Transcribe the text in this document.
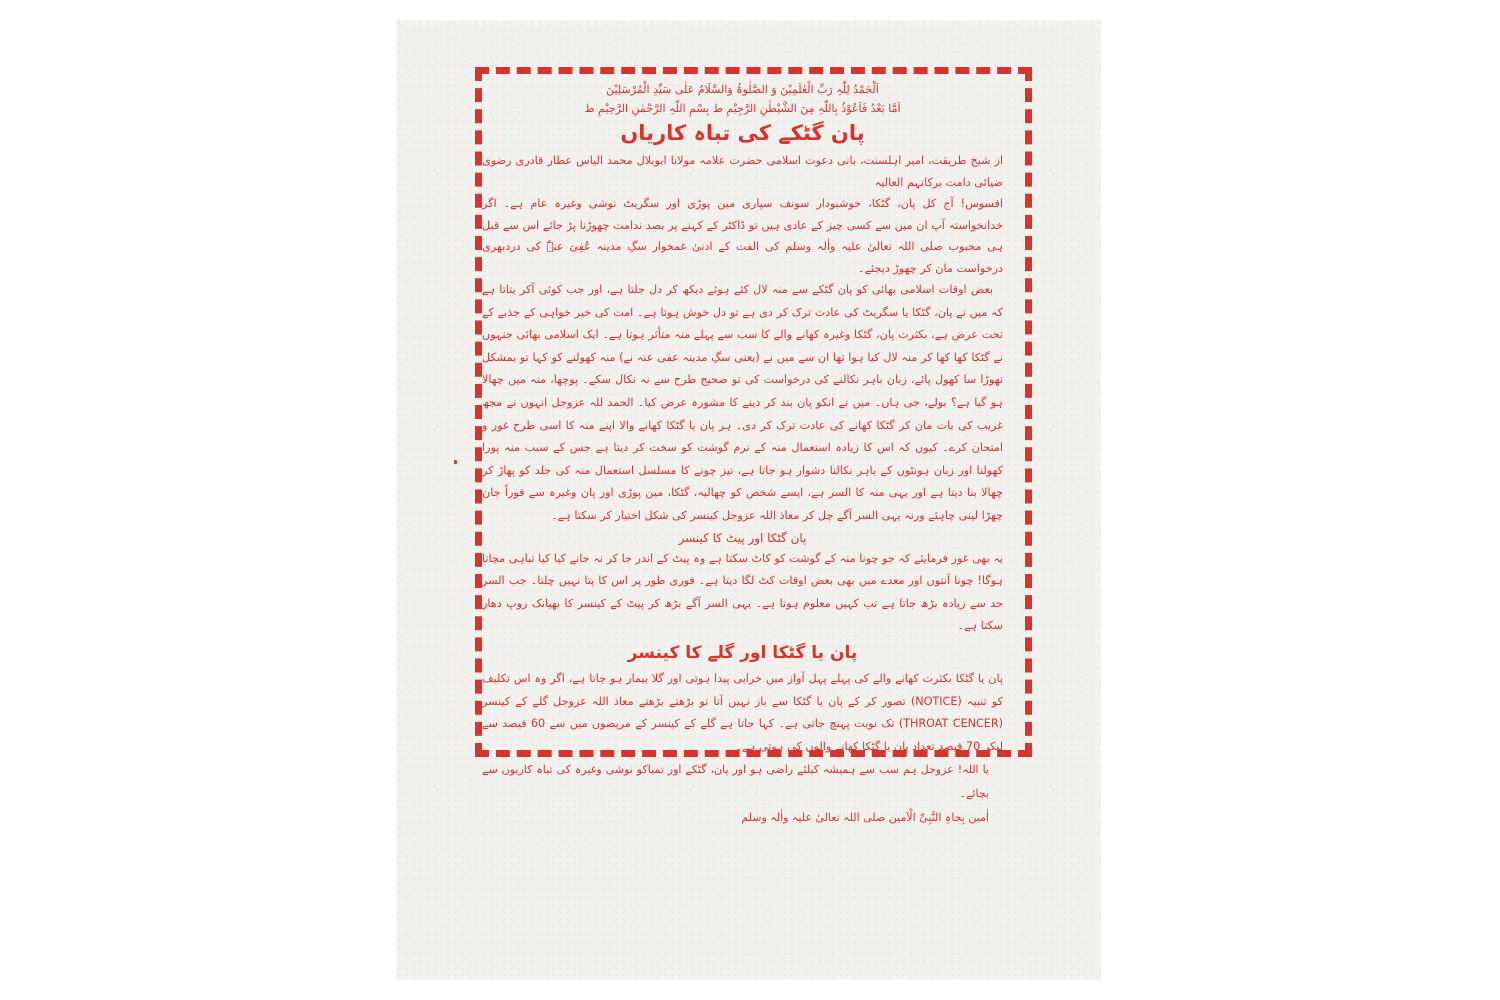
اَلْحَمْدُ لِلّٰہِ رَبِّ الْعٰلَمِیْنَ وَ الصَّلٰوۃُ وَالسَّلَامُ عَلٰی سَیِّدِ الْمُرْسَلِیْنَ

اَمَّا بَعْدُ فَاَعُوْذُ بِاللّٰہِ مِنَ الشَّیْطٰنِ الرَّجِیْمِ ط بِسْمِ اللّٰہِ الرَّحْمٰنِ الرَّحِیْمِ ط

پان گٹکے کی تباہ کاریاں

از شیخ طریقت، امیر اہلسنت، بانی دعوت اسلامی حضرت علامہ مولانا ابوبلال محمد الیاس عطار قادری رضوی ضیائی دامت برکاتہم العالیہ

افسوس! آج کل پان، گٹکا، خوشبودار سونف سپاری مین پوڑی اور سگریٹ نوشی وغیرہ عام ہے۔ اگر خدانخواستہ آپ ان میں سے کسی چیز کے عادی ہیں تو ڈاکٹر کے کہنے پر بصد ندامت چھوڑنا پڑ جائے اس سے قبل ہی محبوب صلی اللہ تعالیٰ علیہ واٰلہ وسلم کی الفت کے ادنیٰ غمخوار سگِ مدینہ عُفِیَ عنہٗ کی دردبھری درخواست مان کر چھوڑ دیجئے۔

بعض اوقات اسلامی بھائی کو پان گٹکے سے منہ لال کئے ہوئے دیکھ کر دل جلتا ہے، اور جب کوئی آکر بتاتا ہے کہ میں نے پان، گٹکا یا سگریٹ کی عادت ترک کر دی ہے تو دل خوش ہوتا ہے۔ امت کی خیر خواہی کے جذبے کے تحت عرض ہے، بکثرت پان، گٹکا وغیرہ کھانے والے کا سب سے پہلے منہ متأثر ہوتا ہے۔ ایک اسلامی بھائی جنہوں نے گٹکا کھا کھا کر منہ لال کیا ہوا تھا ان سے میں نے (یعنی سگِ مدینہ عفی عنہ نے) منہ کھولنے کو کہا تو بمشکل تھوڑا سا کھول پائے، زبان باہر نکالنے کی درخواست کی تو صحیح طرح سے نہ نکال سکے۔ پوچھا، منہ میں چھالا ہو گیا ہے؟ بولے، جی ہاں۔ میں نے انکو پان بند کر دینے کا مشورہ عرض کیا۔ الحمد للہ عزوجل انہوں نے مجھ غریب کی بات مان کر گٹکا کھانے کی عادت ترک کر دی۔ ہر پان یا گٹکا کھانے والا اپنے منہ کا اسی طرح غور و امتحان کرے۔ کیوں کہ اس کا زیادہ استعمال منہ کے نرم گوشت کو سخت کر دیتا ہے جس کے سبب منہ پورا کھولنا اور زبان ہونٹوں کے باہر نکالنا دشوار ہو جاتا ہے، نیز چونے کا مسلسل استعمال منہ کی جلد کو پھاڑ کر چھالا بنا دیتا ہے اور یہی منہ کا السر ہے، ایسے شخص کو چھالیہ، گٹکا، مین پوڑی اور پان وغیرہ سے فوراً جان چھڑا لینی چاہئے ورنہ یہی السر آگے چل کر معاذ اللہ عزوجل کینسر کی شکل اختیار کر سکتا ہے۔

پان گٹکا اور پیٹ کا کینسر

یہ بھی غور فرمایئے کہ جو چونا منہ کے گوشت کو کاٹ سکتا ہے وہ پیٹ کے اندر جا کر نہ جانے کیا کیا تباہی مچاتا ہوگا! چونا آنتوں اور معدے میں بھی بعض اوقات کٹ لگا دیتا ہے۔ فوری طور پر اس کا پتا نہیں چلتا۔ جب السر حد سے زیادہ بڑھ جاتا ہے تب کہیں معلوم ہوتا ہے۔ یہی السر آگے بڑھ کر پیٹ کے کینسر کا بھیانک روپ دھار سکتا ہے۔

پان یا گٹکا اور گلے کا کینسر

پان یا گٹکا بکثرت کھانے والے کی پہلے پہل آواز میں خرابی پیدا ہوتی اور گلا بیمار ہو جاتا ہے، اگر وہ اس تکلیف کو تنبیہ (NOTICE) تصور کر کے پان یا گٹکا سے باز نہیں آتا تو بڑھتے بڑھتے معاذ اللہ عزوجل گلے کے کینسر (THROAT CENCER) تک نوبت پہنچ جاتی ہے۔ کہا جاتا ہے گلے کے کینسر کے مریضوں میں سے 60 فیصد سے لیکر 70 فیصد تعداد پان یا گٹکا کھانے والوں کی ہوتی ہے۔

یا اللہ! عزوجل ہم سب سے ہمیشہ کیلئے راضی ہو اور پان، گٹکے اور تمباکو نوشی وغیرہ کی تباہ کاریوں سے بچائے۔

اٰمین بِجاہِ النَّبِیِّ الْاَمین صلی اللہ تعالیٰ علیہ واٰلہ وسلم
